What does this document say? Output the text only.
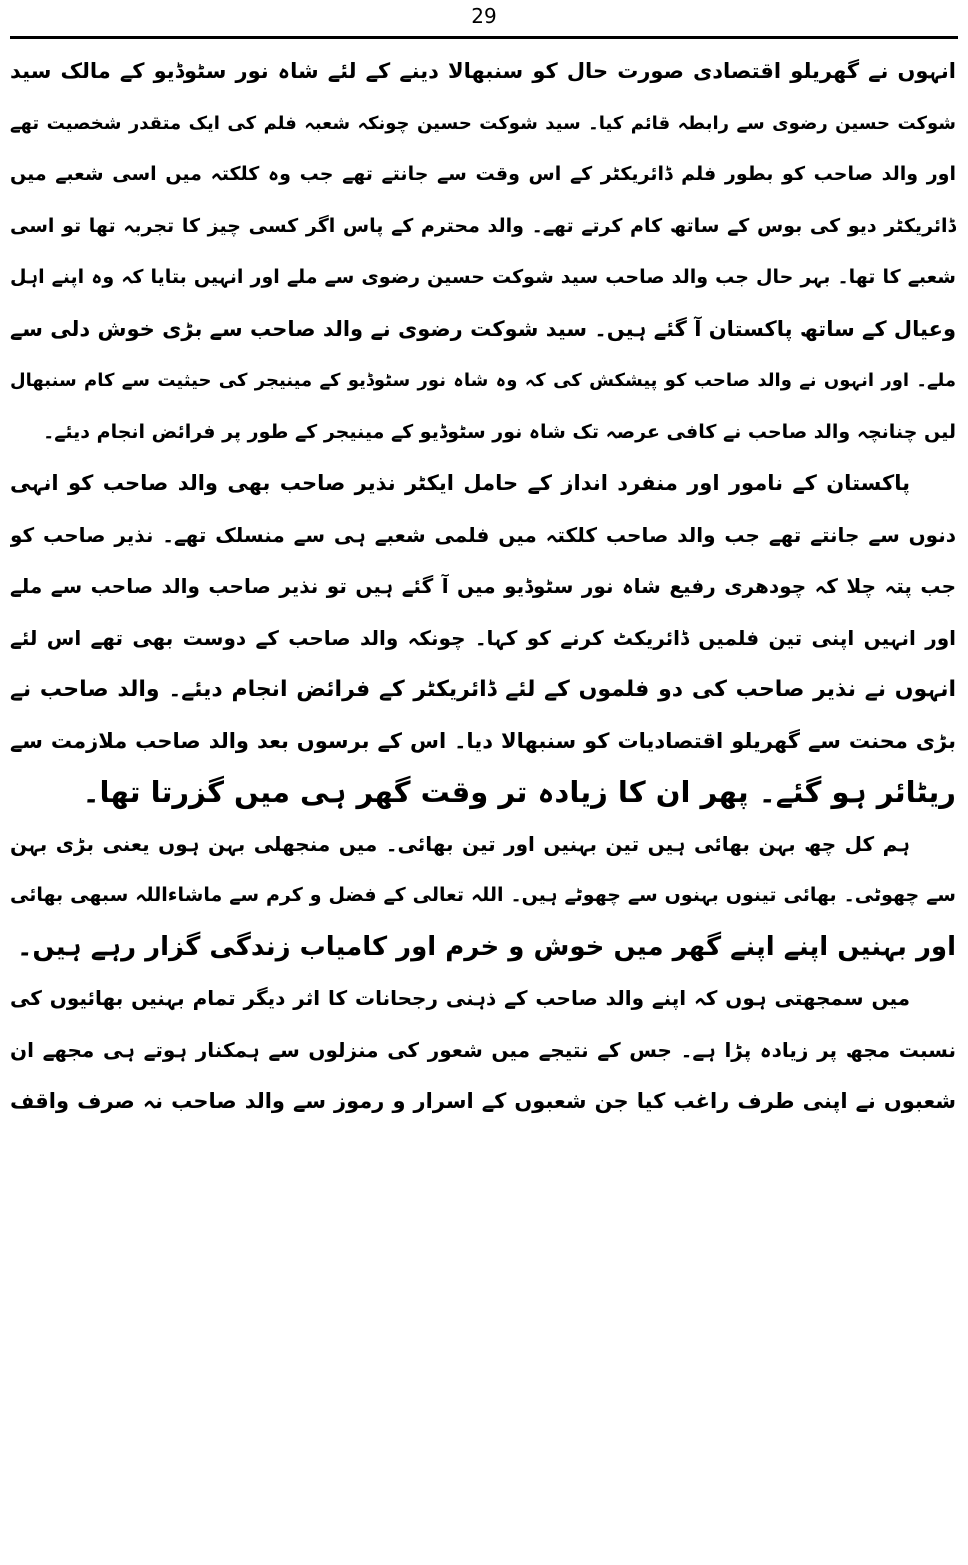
29
انہوں نے گھریلو اقتصادی صورت حال کو سنبھالا دینے کے لئے شاہ نور سٹوڈیو کے مالک سید
شوکت حسین رضوی سے رابطہ قائم کیا۔ سید شوکت حسین چونکہ شعبہ فلم کی ایک متقدر شخصیت تھے
اور والد صاحب کو بطور فلم ڈائریکٹر کے اس وقت سے جانتے تھے جب وہ کلکتہ میں اسی شعبے میں
ڈائریکٹر دیو کی بوس کے ساتھ کام کرتے تھے۔ والد محترم کے پاس اگر کسی چیز کا تجربہ تھا تو اسی
شعبے کا تھا۔ بہر حال جب والد صاحب سید شوکت حسین رضوی سے ملے اور انہیں بتایا کہ وہ اپنے اہل
وعیال کے ساتھ پاکستان آ گئے ہیں۔ سید شوکت رضوی نے والد صاحب سے بڑی خوش دلی سے
ملے۔ اور انہوں نے والد صاحب کو پیشکش کی کہ وہ شاہ نور سٹوڈیو کے مینیجر کی حیثیت سے کام سنبھال
لیں چنانچہ والد صاحب نے کافی عرصہ تک شاہ نور سٹوڈیو کے مینیجر کے طور پر فرائض انجام دیئے۔
پاکستان کے نامور اور منفرد انداز کے حامل ایکٹر نذیر صاحب بھی والد صاحب کو انہی
دنوں سے جانتے تھے جب والد صاحب کلکتہ میں فلمی شعبے ہی سے منسلک تھے۔ نذیر صاحب کو
جب پتہ چلا کہ چودھری رفیع شاہ نور سٹوڈیو میں آ گئے ہیں تو نذیر صاحب والد صاحب سے ملے
اور انہیں اپنی تین فلمیں ڈائریکٹ کرنے کو کہا۔ چونکہ والد صاحب کے دوست بھی تھے اس لئے
انہوں نے نذیر صاحب کی دو فلموں کے لئے ڈائریکٹر کے فرائض انجام دیئے۔ والد صاحب نے
بڑی محنت سے گھریلو اقتصادیات کو سنبھالا دیا۔ اس کے برسوں بعد والد صاحب ملازمت سے
ریٹائر ہو گئے۔ پھر ان کا زیادہ تر وقت گھر ہی میں گزرتا تھا۔
ہم کل چھ بہن بھائی ہیں تین بہنیں اور تین بھائی۔ میں منجھلی بہن ہوں یعنی بڑی بہن
سے چھوٹی۔ بھائی تینوں بہنوں سے چھوٹے ہیں۔ اللہ تعالی کے فضل و کرم سے ماشاءاللہ سبھی بھائی
اور بہنیں اپنے اپنے گھر میں خوش و خرم اور کامیاب زندگی گزار رہے ہیں۔
میں سمجھتی ہوں کہ اپنے والد صاحب کے ذہنی رجحانات کا اثر دیگر تمام بہنیں بھائیوں کی
نسبت مجھ پر زیادہ پڑا ہے۔ جس کے نتیجے میں شعور کی منزلوں سے ہمکنار ہوتے ہی مجھے ان
شعبوں نے اپنی طرف راغب کیا جن شعبوں کے اسرار و رموز سے والد صاحب نہ صرف واقف
